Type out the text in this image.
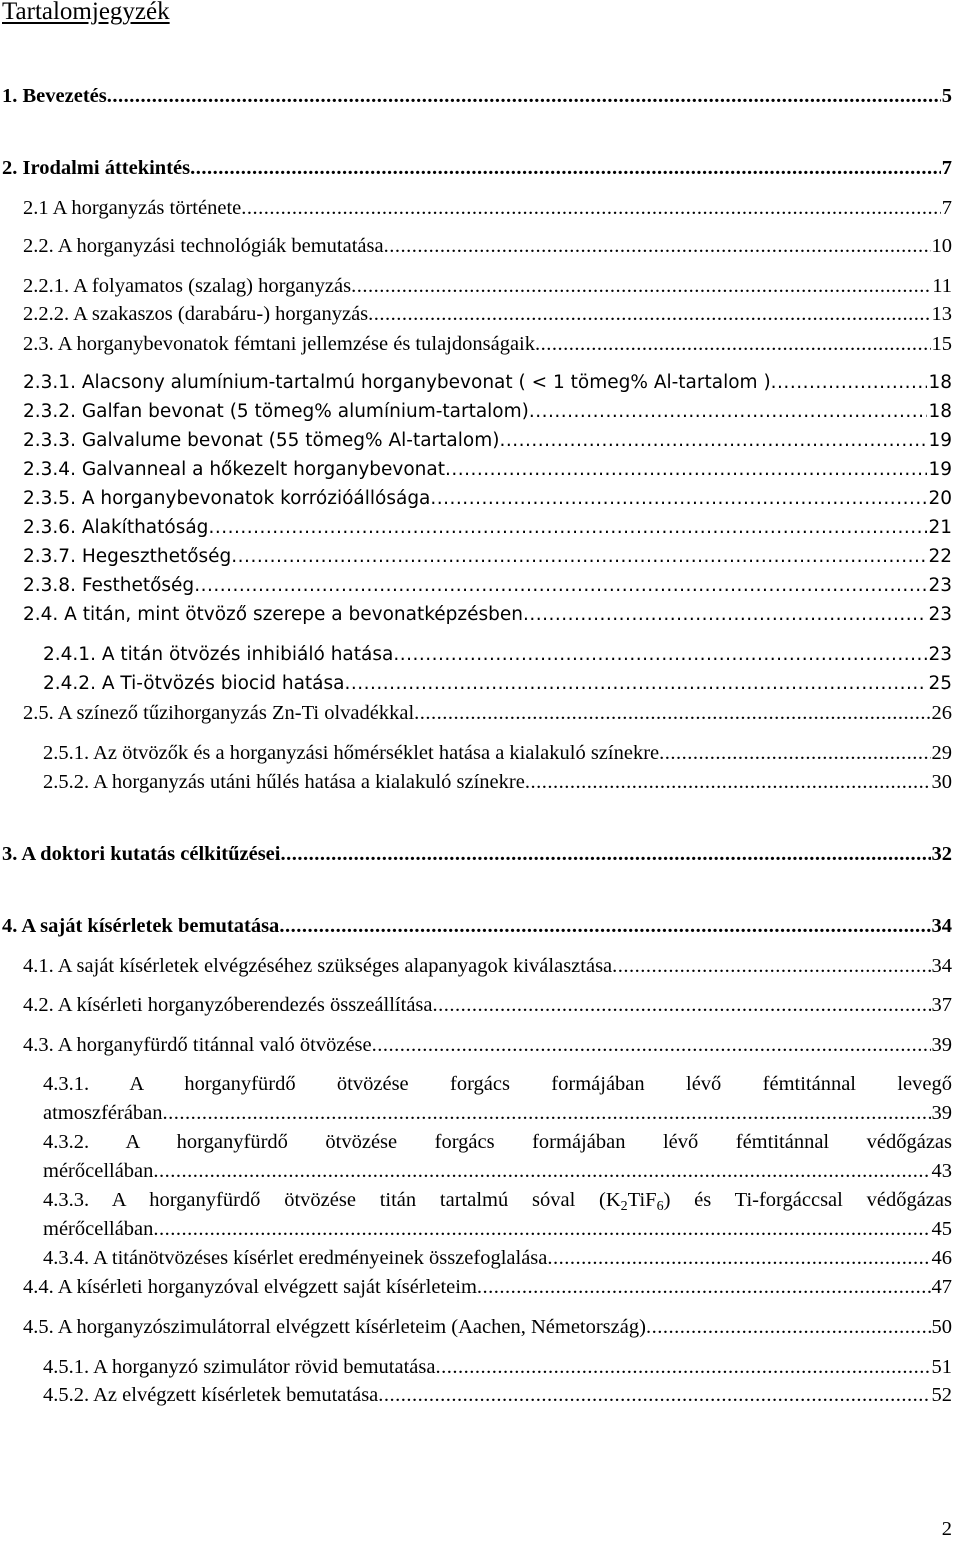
Tartalomjegyzék
1. Bevezetés .....	5
2. Irodalmi áttekintés .....	7
2.1 A horganyzás története .....	7
2.2. A horganyzási technológiák bemutatása .....	10
2.2.1. A folyamatos (szalag) horganyzás .....	11
2.2.2. A szakaszos (darabáru-) horganyzás .....	13
2.3. A horganybevonatok fémtani jellemzése és tulajdonságaik .....	15
2.3.1. Alacsony alumínium-tartalmú horganybevonat ( < 1 tömeg% Al-tartalom ) .....	18
2.3.2. Galfan bevonat (5 tömeg% alumínium-tartalom) .....	18
2.3.3. Galvalume bevonat (55 tömeg% Al-tartalom) .....	19
2.3.4. Galvanneal a hőkezelt horganybevonat .....	19
2.3.5. A horganybevonatok korrózióállósága .....	20
2.3.6. Alakíthatóság .....	21
2.3.7. Hegeszthetőség .....	22
2.3.8. Festhetőség .....	23
2.4. A titán, mint ötvöző szerepe a bevonatképzésben .....	23
2.4.1. A titán ötvözés inhibiáló hatása .....	23
2.4.2. A Ti-ötvözés biocid hatása .....	25
2.5. A színező tűzihorganyzás Zn-Ti olvadékkal .....	26
2.5.1. Az ötvözők és a horganyzási hőmérséklet hatása a kialakuló színekre .....	29
2.5.2. A horganyzás utáni hűlés hatása a kialakuló színekre .....	30
3. A doktori kutatás célkitűzései .....	32
4. A saját kísérletek bemutatása .....	34
4.1. A saját kísérletek elvégzéséhez szükséges alapanyagok kiválasztása .....	34
4.2. A kísérleti horganyzóberendezés összeállítása .....	37
4.3. A horganyfürdő titánnal való ötvözése .....	39
4.3.1. A horganyfürdő ötvözése forgács formájában lévő fémtitánnal levegő
atmoszférában .....	39
4.3.2. A horganyfürdő ötvözése forgács formájában lévő fémtitánnal védőgázas
mérőcellában .....	43
4.3.3. A horganyfürdő ötvözése titán tartalmú sóval $(K_2TiF_6)$ és Ti-forgáccsal védőgázas
mérőcellában .....	45
4.3.4. A titánötvözéses kísérlet eredményeinek összefoglalása .....	46
4.4. A kísérleti horganyzóval elvégzett saját kísérleteim .....	47
4.5. A horganyzószimulátorral elvégzett kísérleteim (Aachen, Németország) .....	50
4.5.1. A horganyzó szimulátor rövid bemutatása .....	51
4.5.2. Az elvégzett kísérletek bemutatása .....	52
2
